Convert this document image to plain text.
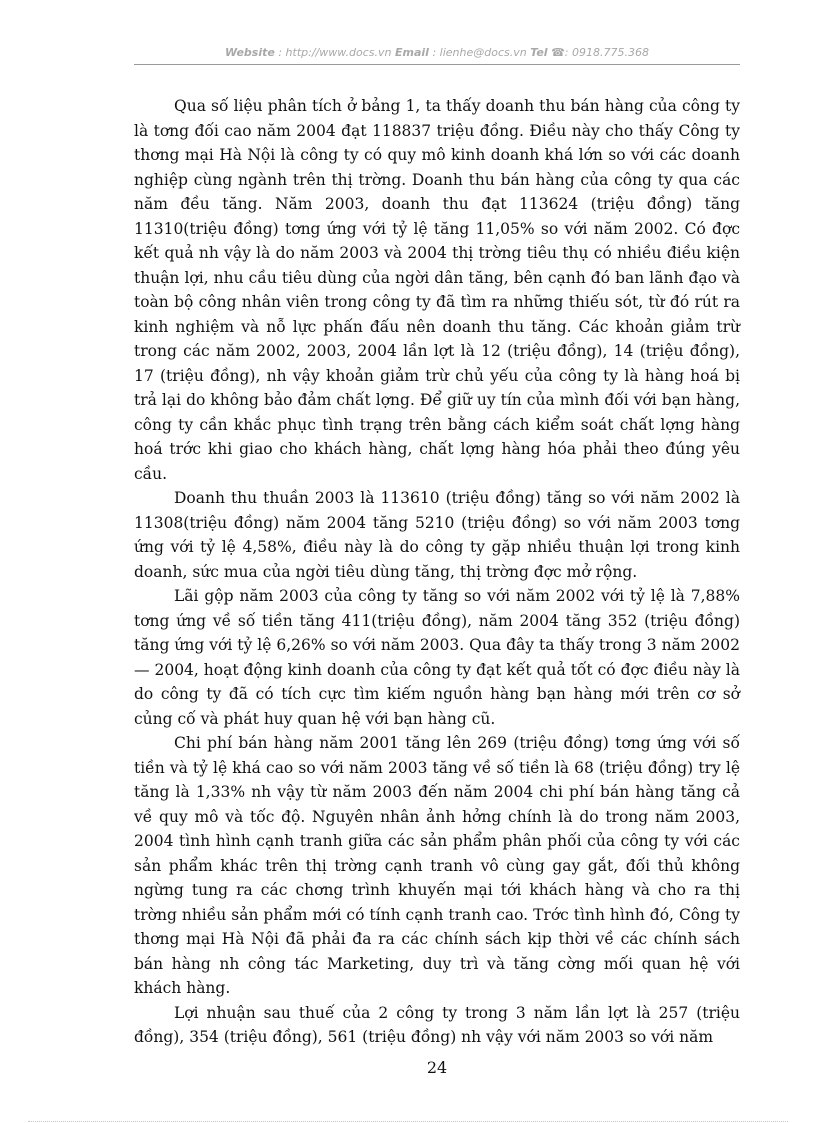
Website : http://www.docs.vn Email : lienhe@docs.vn Tel ☎: 0918.775.368

Qua số liệu phân tích ở bảng 1, ta thấy doanh thu bán hàng của công ty là tơng đối cao năm 2004 đạt 118837 triệu đồng. Điều này cho thấy Công ty thơng mại Hà Nội là công ty có quy mô kinh doanh khá lớn so với các doanh nghiệp cùng ngành trên thị trờng. Doanh thu bán hàng của công ty qua các năm đều tăng. Năm 2003, doanh thu đạt 113624 (triệu đồng) tăng 11310(triệu đồng) tơng ứng với tỷ lệ tăng 11,05% so với năm 2002. Có đợc kết quả nh vậy là do năm 2003 và 2004 thị trờng tiêu thụ có nhiều điều kiện thuận lợi, nhu cầu tiêu dùng của ngời dân tăng, bên cạnh đó ban lãnh đạo và toàn bộ công nhân viên trong công ty đã tìm ra những thiếu sót, từ đó rút ra kinh nghiệm và nỗ lực phấn đấu nên doanh thu tăng. Các khoản giảm trừ trong các năm 2002, 2003, 2004 lần lợt là 12 (triệu đồng), 14 (triệu đồng), 17 (triệu đồng), nh vậy khoản giảm trừ chủ yếu của công ty là hàng hoá bị trả lại do không bảo đảm chất lợng. Để giữ uy tín của mình đối với bạn hàng, công ty cần khắc phục tình trạng trên bằng cách kiểm soát chất lợng hàng hoá trớc khi giao cho khách hàng, chất lợng hàng hóa phải theo đúng yêu cầu.

Doanh thu thuần 2003 là 113610 (triệu đồng) tăng so với năm 2002 là 11308(triệu đồng) năm 2004 tăng 5210 (triệu đồng) so với năm 2003 tơng ứng với tỷ lệ 4,58%, điều này là do công ty gặp nhiều thuận lợi trong kinh doanh, sức mua của ngời tiêu dùng tăng, thị trờng đợc mở rộng.

Lãi gộp năm 2003 của công ty tăng so với năm 2002 với tỷ lệ là 7,88% tơng ứng về số tiền tăng 411(triệu đồng), năm 2004 tăng 352 (triệu đồng) tăng ứng với tỷ lệ 6,26% so với năm 2003. Qua đây ta thấy trong 3 năm 2002 — 2004, hoạt động kinh doanh của công ty đạt kết quả tốt có đợc điều này là do công ty đã có tích cực tìm kiếm nguồn hàng bạn hàng mới trên cơ sở củng cố và phát huy quan hệ với bạn hàng cũ.

Chi phí bán hàng năm 2001 tăng lên 269 (triệu đồng) tơng ứng với số tiền và tỷ lệ khá cao so với năm 2003 tăng về số tiền là 68 (triệu đồng) try lệ tăng là 1,33% nh vậy từ năm 2003 đến năm 2004 chi phí bán hàng tăng cả về quy mô và tốc độ. Nguyên nhân ảnh hởng chính là do trong năm 2003, 2004 tình hình cạnh tranh giữa các sản phẩm phân phối của công ty với các sản phẩm khác trên thị trờng cạnh tranh vô cùng gay gắt, đối thủ không ngừng tung ra các chơng trình khuyến mại tới khách hàng và cho ra thị trờng nhiều sản phẩm mới có tính cạnh tranh cao. Trớc tình hình đó, Công ty thơng mại Hà Nội đã phải đa ra các chính sách kịp thời về các chính sách bán hàng nh công tác Marketing, duy trì và tăng cờng mối quan hệ với khách hàng.

Lợi nhuận sau thuế của 2 công ty trong 3 năm lần lợt là 257 (triệu đồng), 354 (triệu đồng), 561 (triệu đồng) nh vậy với năm 2003 so với năm

24
